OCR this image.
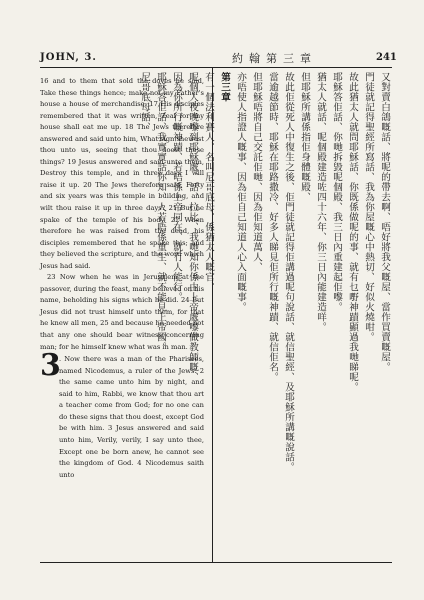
JOHN, 3.	約翰第三章	241

16 and to them that sold the doves he said, Take these things hence; make not my Father's house a house of merchandise. 17 His disciples remembered that it was written, Zeal for thy house shall eat me up. 18 The Jews therefore answered and said unto him, What sign shewest thou unto us, seeing that thou doest these things? 19 Jesus answered and said unto them, Destroy this temple, and in three days I will raise it up. 20 The Jews therefore said, Forty and six years was this temple in building, and wilt thou raise it up in three days? 21 But he spake of the temple of his body. 22 When therefore he was raised from the dead, his disciples remembered that he spake this; and they believed the scripture, and the word which Jesus had said.

23 Now when he was in Jerusalem at the passover, during the feast, many believed on his name, beholding his signs which he did. 24 But Jesus did not trust himself unto them, for that he knew all men, 25 and because he needed not that any one should bear witness concerning man; for he himself knew what was in man.

3
. Now there was a man of the Pharisees, named Nicodemus, a ruler of the Jews: 2 the same came unto him by night, and said to him, Rabbi, we know that thou art a teacher come from God; for no one can do these signs that thou doest, except God be with him. 3 Jesus answered and said unto him, Verily, verily, I say unto thee, Except one be born anew, he cannot see the kingdom of God. 4 Nicodemus saith unto

又對賣白鴿嘅話、將呢的帶去啊、唔好將我父嘅屋、當作買賣嘅屋。

門徒就記得聖經所寫話、我為你屋嘅心中熱切、好似火燒咁。

故此猶太人就問耶穌話、你既係做呢的事、就有乜嘢神蹟顯過我哋睇呢。

耶穌答佢話、你哋拆毀呢個殿、我三日內重建起佢嚟。

猶太人就話、呢個殿建造咗四十六年、你三日內能建造咩。

但耶穌所講係指佢身體嘅殿、

故此佢從死人中復生之後、佢門徒就記得佢講過呢句說話、就信聖經、及耶穌所講嘅說話。

當逾越節時、耶穌在耶路撒冷、好多人睇見佢所行嘅神蹟、就信佢名。

但耶穌唔將自己交託佢哋、因為佢知道萬人、

亦唔使人指證人嘅事、因為佢自己知道人心入面嘅事。

第三章

有一個法利賽人、名叫尼哥底母、係猶太人嘅官、

呢個人夜晚嚟到耶穌處、話、拉比、我哋知你係由上帝處嚟做教師嘅、

因為你所行嘅神蹟、若唔係上帝同在、就冇人能行。

耶穌答佢話、我實實話你知、人若唔係重生、就不能見上帝國。

尼哥底母話、
